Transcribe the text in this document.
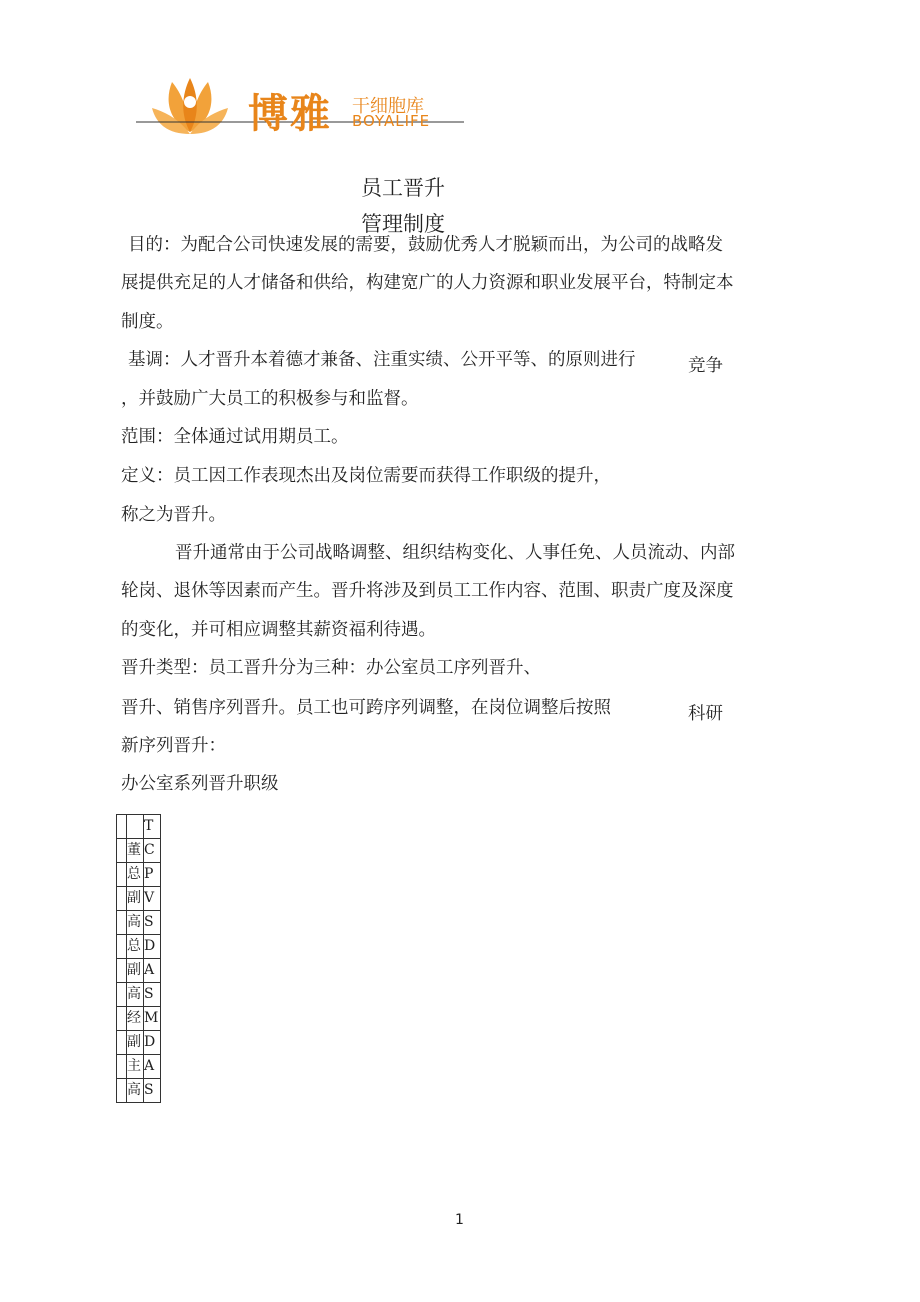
博雅 干细胞库
BOYALIFE
员工晋升
管理制度
目的：为配合公司快速发展的需要，鼓励优秀人才脱颖而出，为公司的战略发
展提供充足的人才储备和供给，构建宽广的人力资源和职业发展平台，特制定本
制度。
基调：人才晋升本着德才兼备、注重实绩、公开平等、的原则进行	竞争
，并鼓励广大员工的积极参与和监督。
范围：全体通过试用期员工。
定义：员工因工作表现杰出及岗位需要而获得工作职级的提升，
称之为晋升。
晋升通常由于公司战略调整、组织结构变化、人事任免、人员流动、内部
轮岗、退休等因素而产生。晋升将涉及到员工工作内容、范围、职责广度及深度
的变化，并可相应调整其薪资福利待遇。
晋升类型：员工晋升分为三种：办公室员工序列晋升、
晋升、销售序列晋升。员工也可跨序列调整，在岗位调整后按照	科研
新序列晋升：
办公室系列晋升职级
		T
	董	C
	总	P
	副	V
	高	S
	总	D
	副	A
	高	S
	经	M
	副	D
	主	A
	高	S
1
